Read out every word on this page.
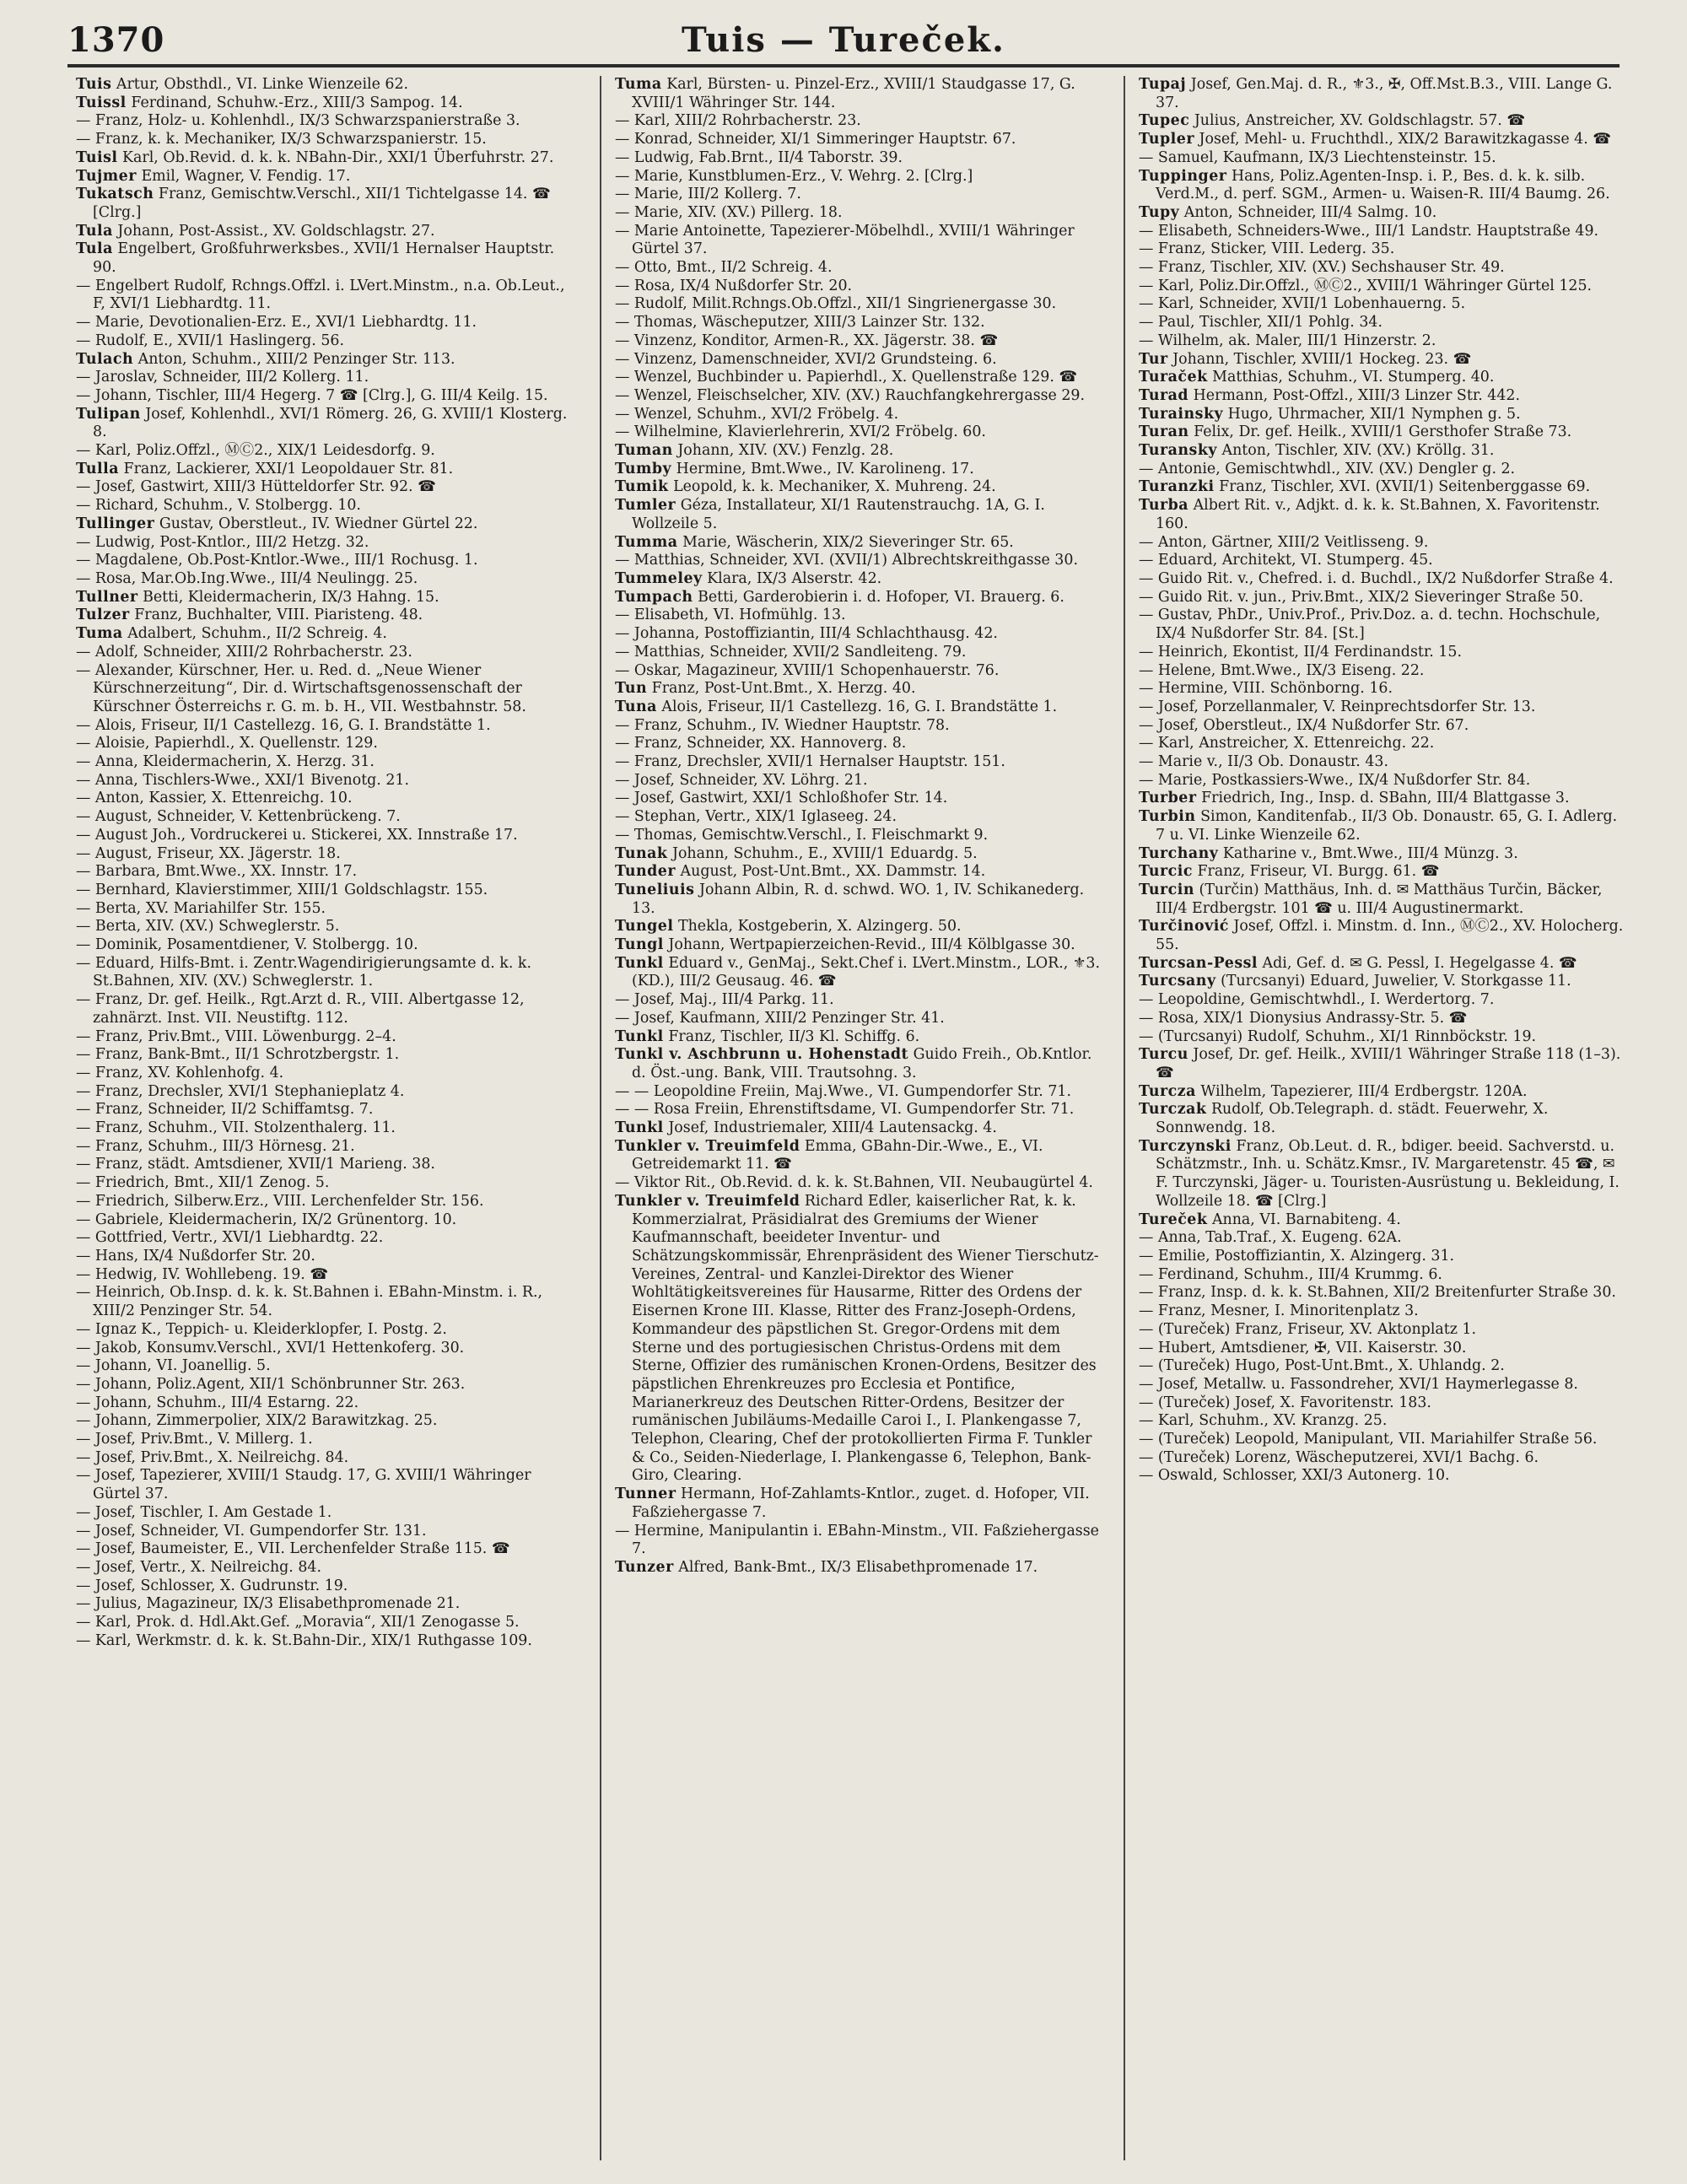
1370	Tuis — Tureček.
Tuis Artur, Obsthdl., VI. Linke Wienzeile 62.
Tuissl Ferdinand, Schuhw.-Erz., XIII/3 Sampog. 14.
— Franz, Holz- u. Kohlenhdl., IX/3 Schwarzspanierstraße 3.
— Franz, k. k. Mechaniker, IX/3 Schwarzspanierstr. 15.
Tuisl Karl, Ob.Revid. d. k. k. NBahn-Dir., XXI/1 Überfuhrstr. 27.
Tujmer Emil, Wagner, V. Fendig. 17.
Tukatsch Franz, Gemischtw.Verschl., XII/1 Tichtelgasse 14. ☎ [Clrg.]
Tula Johann, Post-Assist., XV. Goldschlagstr. 27.
Tula Engelbert, Großfuhrwerksbes., XVII/1 Hernalser Hauptstr. 90.
— Engelbert Rudolf, Rchngs.Offzl. i. LVert.Minstm., n.a. Ob.Leut., F, XVI/1 Liebhardtg. 11.
— Marie, Devotionalien-Erz. E., XVI/1 Liebhardtg. 11.
— Rudolf, E., XVII/1 Haslingerg. 56.
Tulach Anton, Schuhm., XIII/2 Penzinger Str. 113.
— Jaroslav, Schneider, III/2 Kollerg. 11.
— Johann, Tischler, III/4 Hegerg. 7 ☎ [Clrg.], G. III/4 Keilg. 15.
Tulipan Josef, Kohlenhdl., XVI/1 Römerg. 26, G. XVIII/1 Klosterg. 8.
— Karl, Poliz.Offzl., ⓂⒸ2., XIX/1 Leidesdorfg. 9.
Tulla Franz, Lackierer, XXI/1 Leopoldauer Str. 81.
— Josef, Gastwirt, XIII/3 Hütteldorfer Str. 92. ☎
— Richard, Schuhm., V. Stolbergg. 10.
Tullinger Gustav, Oberstleut., IV. Wiedner Gürtel 22.
— Ludwig, Post-Kntlor., III/2 Hetzg. 32.
— Magdalene, Ob.Post-Kntlor.-Wwe., III/1 Rochusg. 1.
— Rosa, Mar.Ob.Ing.Wwe., III/4 Neulingg. 25.
Tullner Betti, Kleidermacherin, IX/3 Hahng. 15.
Tulzer Franz, Buchhalter, VIII. Piaristeng. 48.
Tuma Adalbert, Schuhm., II/2 Schreig. 4.
— Adolf, Schneider, XIII/2 Rohrbacherstr. 23.
— Alexander, Kürschner, Her. u. Red. d. „Neue Wiener Kürschnerzeitung“, Dir. d. Wirtschaftsgenossenschaft der Kürschner Österreichs r. G. m. b. H., VII. Westbahnstr. 58.
— Alois, Friseur, II/1 Castellezg. 16, G. I. Brandstätte 1.
— Aloisie, Papierhdl., X. Quellenstr. 129.
— Anna, Kleidermacherin, X. Herzg. 31.
— Anna, Tischlers-Wwe., XXI/1 Bivenotg. 21.
— Anton, Kassier, X. Ettenreichg. 10.
— August, Schneider, V. Kettenbrückeng. 7.
— August Joh., Vordruckerei u. Stickerei, XX. Innstraße 17.
— August, Friseur, XX. Jägerstr. 18.
— Barbara, Bmt.Wwe., XX. Innstr. 17.
— Bernhard, Klavierstimmer, XIII/1 Goldschlagstr. 155.
— Berta, XV. Mariahilfer Str. 155.
— Berta, XIV. (XV.) Schweglerstr. 5.
— Dominik, Posamentdiener, V. Stolbergg. 10.
— Eduard, Hilfs-Bmt. i. Zentr.Wagendirigierungsamte d. k. k. St.Bahnen, XIV. (XV.) Schweglerstr. 1.
— Franz, Dr. gef. Heilk., Rgt.Arzt d. R., VIII. Albertgasse 12, zahnärzt. Inst. VII. Neustiftg. 112.
— Franz, Priv.Bmt., VIII. Löwenburgg. 2–4.
— Franz, Bank-Bmt., II/1 Schrotzbergstr. 1.
— Franz, XV. Kohlenhofg. 4.
— Franz, Drechsler, XVI/1 Stephanieplatz 4.
— Franz, Schneider, II/2 Schiffamtsg. 7.
— Franz, Schuhm., VII. Stolzenthalerg. 11.
— Franz, Schuhm., III/3 Hörnesg. 21.
— Franz, städt. Amtsdiener, XVII/1 Marieng. 38.
— Friedrich, Bmt., XII/1 Zenog. 5.
— Friedrich, Silberw.Erz., VIII. Lerchenfelder Str. 156.
— Gabriele, Kleidermacherin, IX/2 Grünentorg. 10.
— Gottfried, Vertr., XVI/1 Liebhardtg. 22.
— Hans, IX/4 Nußdorfer Str. 20.
— Hedwig, IV. Wohllebeng. 19. ☎
— Heinrich, Ob.Insp. d. k. k. St.Bahnen i. EBahn-Minstm. i. R., XIII/2 Penzinger Str. 54.
— Ignaz K., Teppich- u. Kleiderklopfer, I. Postg. 2.
— Jakob, Konsumv.Verschl., XVI/1 Hettenkoferg. 30.
— Johann, VI. Joanellig. 5.
— Johann, Poliz.Agent, XII/1 Schönbrunner Str. 263.
— Johann, Schuhm., III/4 Estarng. 22.
— Johann, Zimmerpolier, XIX/2 Barawitzkag. 25.
— Josef, Priv.Bmt., V. Millerg. 1.
— Josef, Priv.Bmt., X. Neilreichg. 84.
— Josef, Tapezierer, XVIII/1 Staudg. 17, G. XVIII/1 Währinger Gürtel 37.
— Josef, Tischler, I. Am Gestade 1.
— Josef, Schneider, VI. Gumpendorfer Str. 131.
— Josef, Baumeister, E., VII. Lerchenfelder Straße 115. ☎
— Josef, Vertr., X. Neilreichg. 84.
— Josef, Schlosser, X. Gudrunstr. 19.
— Julius, Magazineur, IX/3 Elisabethpromenade 21.
— Karl, Prok. d. Hdl.Akt.Gef. „Moravia“, XII/1 Zenogasse 5.
— Karl, Werkmstr. d. k. k. St.Bahn-Dir., XIX/1 Ruthgasse 109.
Tuma Karl, Bürsten- u. Pinzel-Erz., XVIII/1 Staudgasse 17, G. XVIII/1 Währinger Str. 144.
— Karl, XIII/2 Rohrbacherstr. 23.
— Konrad, Schneider, XI/1 Simmeringer Hauptstr. 67.
— Ludwig, Fab.Brnt., II/4 Taborstr. 39.
— Marie, Kunstblumen-Erz., V. Wehrg. 2. [Clrg.]
— Marie, III/2 Kollerg. 7.
— Marie, XIV. (XV.) Pillerg. 18.
— Marie Antoinette, Tapezierer-Möbelhdl., XVIII/1 Währinger Gürtel 37.
— Otto, Bmt., II/2 Schreig. 4.
— Rosa, IX/4 Nußdorfer Str. 20.
— Rudolf, Milit.Rchngs.Ob.Offzl., XII/1 Singrienergasse 30.
— Thomas, Wäscheputzer, XIII/3 Lainzer Str. 132.
— Vinzenz, Konditor, Armen-R., XX. Jägerstr. 38. ☎
— Vinzenz, Damenschneider, XVI/2 Grundsteing. 6.
— Wenzel, Buchbinder u. Papierhdl., X. Quellenstraße 129. ☎
— Wenzel, Fleischselcher, XIV. (XV.) Rauchfangkehrergasse 29.
— Wenzel, Schuhm., XVI/2 Fröbelg. 4.
— Wilhelmine, Klavierlehrerin, XVI/2 Fröbelg. 60.
Tuman Johann, XIV. (XV.) Fenzlg. 28.
Tumby Hermine, Bmt.Wwe., IV. Karolineng. 17.
Tumik Leopold, k. k. Mechaniker, X. Muhreng. 24.
Tumler Géza, Installateur, XI/1 Rautenstrauchg. 1A, G. I. Wollzeile 5.
Tumma Marie, Wäscherin, XIX/2 Sieveringer Str. 65.
— Matthias, Schneider, XVI. (XVII/1) Albrechtskreithgasse 30.
Tummeley Klara, IX/3 Alserstr. 42.
Tumpach Betti, Garderobierin i. d. Hofoper, VI. Brauerg. 6.
— Elisabeth, VI. Hofmühlg. 13.
— Johanna, Postoffiziantin, III/4 Schlachthausg. 42.
— Matthias, Schneider, XVII/2 Sandleiteng. 79.
— Oskar, Magazineur, XVIII/1 Schopenhauerstr. 76.
Tun Franz, Post-Unt.Bmt., X. Herzg. 40.
Tuna Alois, Friseur, II/1 Castellezg. 16, G. I. Brandstätte 1.
— Franz, Schuhm., IV. Wiedner Hauptstr. 78.
— Franz, Schneider, XX. Hannoverg. 8.
— Franz, Drechsler, XVII/1 Hernalser Hauptstr. 151.
— Josef, Schneider, XV. Löhrg. 21.
— Josef, Gastwirt, XXI/1 Schloßhofer Str. 14.
— Stephan, Vertr., XIX/1 Iglaseeg. 24.
— Thomas, Gemischtw.Verschl., I. Fleischmarkt 9.
Tunak Johann, Schuhm., E., XVIII/1 Eduardg. 5.
Tunder August, Post-Unt.Bmt., XX. Dammstr. 14.
Tuneliuis Johann Albin, R. d. schwd. WO. 1, IV. Schikanederg. 13.
Tungel Thekla, Kostgeberin, X. Alzingerg. 50.
Tungl Johann, Wertpapierzeichen-Revid., III/4 Kölblgasse 30.
Tunkl Eduard v., GenMaj., Sekt.Chef i. LVert.Minstm., LOR., ⚜3.(KD.), III/2 Geusaug. 46. ☎
— Josef, Maj., III/4 Parkg. 11.
— Josef, Kaufmann, XIII/2 Penzinger Str. 41.
Tunkl Franz, Tischler, II/3 Kl. Schiffg. 6.
Tunkl v. Aschbrunn u. Hohenstadt Guido Freih., Ob.Kntlor. d. Öst.-ung. Bank, VIII. Trautsohng. 3.
— — Leopoldine Freiin, Maj.Wwe., VI. Gumpendorfer Str. 71.
— — Rosa Freiin, Ehrenstiftsdame, VI. Gumpendorfer Str. 71.
Tunkl Josef, Industriemaler, XIII/4 Lautensackg. 4.
Tunkler v. Treuimfeld Emma, GBahn-Dir.-Wwe., E., VI. Getreidemarkt 11. ☎
— Viktor Rit., Ob.Revid. d. k. k. St.Bahnen, VII. Neubaugürtel 4.
Tunkler v. Treuimfeld Richard Edler, kaiserlicher Rat, k. k. Kommerzialrat, Präsidialrat des Gremiums der Wiener Kaufmannschaft, beeideter Inventur- und Schätzungskommissär, Ehrenpräsident des Wiener Tierschutz-Vereines, Zentral- und Kanzlei-Direktor des Wiener Wohltätigkeitsvereines für Hausarme, Ritter des Ordens der Eisernen Krone III. Klasse, Ritter des Franz-Joseph-Ordens, Kommandeur des päpstlichen St. Gregor-Ordens mit dem Sterne und des portugiesischen Christus-Ordens mit dem Sterne, Offizier des rumänischen Kronen-Ordens, Besitzer des päpstlichen Ehrenkreuzes pro Ecclesia et Pontifice, Marianerkreuz des Deutschen Ritter-Ordens, Besitzer der rumänischen Jubiläums-Medaille Caroi I., I. Plankengasse 7, Telephon, Clearing, Chef der protokollierten Firma F. Tunkler & Co., Seiden-Niederlage, I. Plankengasse 6, Telephon, Bank-Giro, Clearing.
Tunner Hermann, Hof-Zahlamts-Kntlor., zuget. d. Hofoper, VII. Faßziehergasse 7.
— Hermine, Manipulantin i. EBahn-Minstm., VII. Faßziehergasse 7.
Tunzer Alfred, Bank-Bmt., IX/3 Elisabethpromenade 17.
Tupaj Josef, Gen.Maj. d. R., ⚜3., ✠, Off.Mst.B.3., VIII. Lange G. 37.
Tupec Julius, Anstreicher, XV. Goldschlagstr. 57. ☎
Tupler Josef, Mehl- u. Fruchthdl., XIX/2 Barawitzkagasse 4. ☎
— Samuel, Kaufmann, IX/3 Liechtensteinstr. 15.
Tuppinger Hans, Poliz.Agenten-Insp. i. P., Bes. d. k. k. silb. Verd.M., d. perf. SGM., Armen- u. Waisen-R. III/4 Baumg. 26.
Tupy Anton, Schneider, III/4 Salmg. 10.
— Elisabeth, Schneiders-Wwe., III/1 Landstr. Hauptstraße 49.
— Franz, Sticker, VIII. Lederg. 35.
— Franz, Tischler, XIV. (XV.) Sechshauser Str. 49.
— Karl, Poliz.Dir.Offzl., ⓂⒸ2., XVIII/1 Währinger Gürtel 125.
— Karl, Schneider, XVII/1 Lobenhauerng. 5.
— Paul, Tischler, XII/1 Pohlg. 34.
— Wilhelm, ak. Maler, III/1 Hinzerstr. 2.
Tur Johann, Tischler, XVIII/1 Hockeg. 23. ☎
Turaček Matthias, Schuhm., VI. Stumperg. 40.
Turad Hermann, Post-Offzl., XIII/3 Linzer Str. 442.
Turainsky Hugo, Uhrmacher, XII/1 Nymphen g. 5.
Turan Felix, Dr. gef. Heilk., XVIII/1 Gersthofer Straße 73.
Turansky Anton, Tischler, XIV. (XV.) Kröllg. 31.
— Antonie, Gemischtwhdl., XIV. (XV.) Dengler g. 2.
Turanzki Franz, Tischler, XVI. (XVII/1) Seitenberggasse 69.
Turba Albert Rit. v., Adjkt. d. k. k. St.Bahnen, X. Favoritenstr. 160.
— Anton, Gärtner, XIII/2 Veitlisseng. 9.
— Eduard, Architekt, VI. Stumperg. 45.
— Guido Rit. v., Chefred. i. d. Buchdl., IX/2 Nußdorfer Straße 4.
— Guido Rit. v. jun., Priv.Bmt., XIX/2 Sieveringer Straße 50.
— Gustav, PhDr., Univ.Prof., Priv.Doz. a. d. techn. Hochschule, IX/4 Nußdorfer Str. 84. [St.]
— Heinrich, Ekontist, II/4 Ferdinandstr. 15.
— Helene, Bmt.Wwe., IX/3 Eiseng. 22.
— Hermine, VIII. Schönborng. 16.
— Josef, Porzellanmaler, V. Reinprechtsdorfer Str. 13.
— Josef, Oberstleut., IX/4 Nußdorfer Str. 67.
— Karl, Anstreicher, X. Ettenreichg. 22.
— Marie v., II/3 Ob. Donaustr. 43.
— Marie, Postkassiers-Wwe., IX/4 Nußdorfer Str. 84.
Turber Friedrich, Ing., Insp. d. SBahn, III/4 Blattgasse 3.
Turbin Simon, Kanditenfab., II/3 Ob. Donaustr. 65, G. I. Adlerg. 7 u. VI. Linke Wienzeile 62.
Turchany Katharine v., Bmt.Wwe., III/4 Münzg. 3.
Turcic Franz, Friseur, VI. Burgg. 61. ☎
Turcin (Turčin) Matthäus, Inh. d. ✉ Matthäus Turčin, Bäcker, III/4 Erdbergstr. 101 ☎ u. III/4 Augustinermarkt.
Turčinović Josef, Offzl. i. Minstm. d. Inn., ⓂⒸ2., XV. Holocherg. 55.
Turcsan-Pessl Adi, Gef. d. ✉ G. Pessl, I. Hegelgasse 4. ☎
Turcsany (Turcsanyi) Eduard, Juwelier, V. Storkgasse 11.
— Leopoldine, Gemischtwhdl., I. Werdertorg. 7.
— Rosa, XIX/1 Dionysius Andrassy-Str. 5. ☎
— (Turcsanyi) Rudolf, Schuhm., XI/1 Rinnböckstr. 19.
Turcu Josef, Dr. gef. Heilk., XVIII/1 Währinger Straße 118 (1–3). ☎
Turcza Wilhelm, Tapezierer, III/4 Erdbergstr. 120A.
Turczak Rudolf, Ob.Telegraph. d. städt. Feuerwehr, X. Sonnwendg. 18.
Turczynski Franz, Ob.Leut. d. R., bdiger. beeid. Sachverstd. u. Schätzmstr., Inh. u. Schätz.Kmsr., IV. Margaretenstr. 45 ☎, ✉ F. Turczynski, Jäger- u. Touristen-Ausrüstung u. Bekleidung, I. Wollzeile 18. ☎ [Clrg.]
Tureček Anna, VI. Barnabiteng. 4.
— Anna, Tab.Traf., X. Eugeng. 62A.
— Emilie, Postoffiziantin, X. Alzingerg. 31.
— Ferdinand, Schuhm., III/4 Krummg. 6.
— Franz, Insp. d. k. k. St.Bahnen, XII/2 Breitenfurter Straße 30.
— Franz, Mesner, I. Minoritenplatz 3.
— (Tureček) Franz, Friseur, XV. Aktonplatz 1.
— Hubert, Amtsdiener, ✠, VII. Kaiserstr. 30.
— (Tureček) Hugo, Post-Unt.Bmt., X. Uhlandg. 2.
— Josef, Metallw. u. Fassondreher, XVI/1 Haymerlegasse 8.
— (Tureček) Josef, X. Favoritenstr. 183.
— Karl, Schuhm., XV. Kranzg. 25.
— (Tureček) Leopold, Manipulant, VII. Mariahilfer Straße 56.
— (Tureček) Lorenz, Wäscheputzerei, XVI/1 Bachg. 6.
— Oswald, Schlosser, XXI/3 Autonerg. 10.
